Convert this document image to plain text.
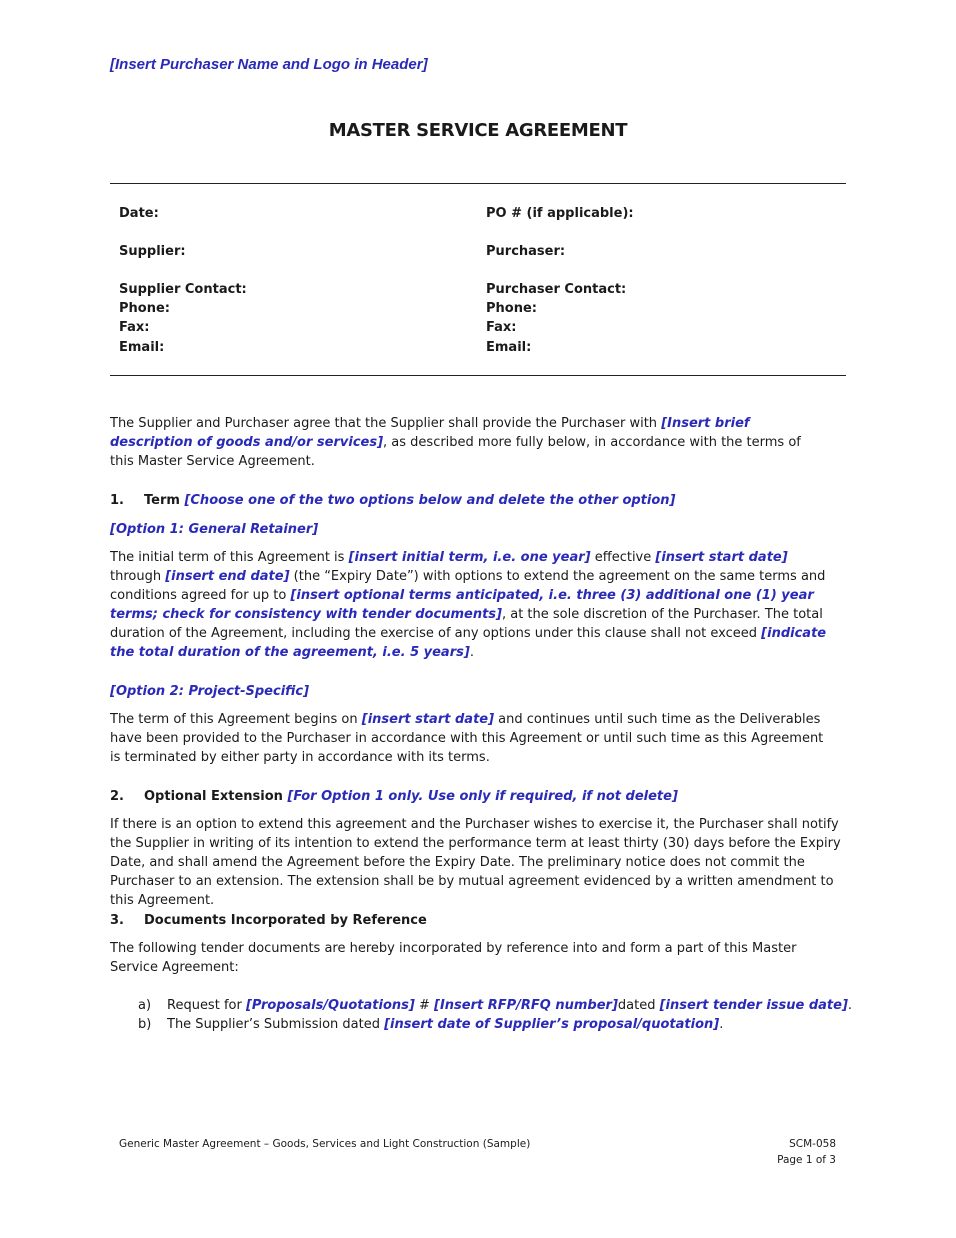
[Insert Purchaser Name and Logo in Header]
MASTER SERVICE AGREEMENT
Date:
Supplier:
Supplier Contact:
Phone:
Fax:
Email:
PO # (if applicable):
Purchaser:
Purchaser Contact:
Phone:
Fax:
Email:
The Supplier and Purchaser agree that the Supplier shall provide the Purchaser with [Insert brief description of goods and/or services], as described more fully below, in accordance with the terms of this Master Service Agreement.
1. Term [Choose one of the two options below and delete the other option]
[Option 1: General Retainer]
The initial term of this Agreement is [insert initial term, i.e. one year] effective [insert start date] through [insert end date] (the “Expiry Date”) with options to extend the agreement on the same terms and conditions agreed for up to [insert optional terms anticipated, i.e. three (3) additional one (1) year terms; check for consistency with tender documents], at the sole discretion of the Purchaser. The total duration of the Agreement, including the exercise of any options under this clause shall not exceed [indicate the total duration of the agreement, i.e. 5 years].
[Option 2: Project-Specific]
The term of this Agreement begins on [insert start date] and continues until such time as the Deliverables have been provided to the Purchaser in accordance with this Agreement or until such time as this Agreement is terminated by either party in accordance with its terms.
2. Optional Extension [For Option 1 only. Use only if required, if not delete]
If there is an option to extend this agreement and the Purchaser wishes to exercise it, the Purchaser shall notify the Supplier in writing of its intention to extend the performance term at least thirty (30) days before the Expiry Date, and shall amend the Agreement before the Expiry Date. The preliminary notice does not commit the Purchaser to an extension. The extension shall be by mutual agreement evidenced by a written amendment to this Agreement.
3. Documents Incorporated by Reference
The following tender documents are hereby incorporated by reference into and form a part of this Master Service Agreement:
a) Request for [Proposals/Quotations] # [Insert RFP/RFQ number]dated [insert tender issue date].
b) The Supplier’s Submission dated [insert date of Supplier’s proposal/quotation].
Generic Master Agreement – Goods, Services and Light Construction (Sample)	SCM-058
Page 1 of 3
